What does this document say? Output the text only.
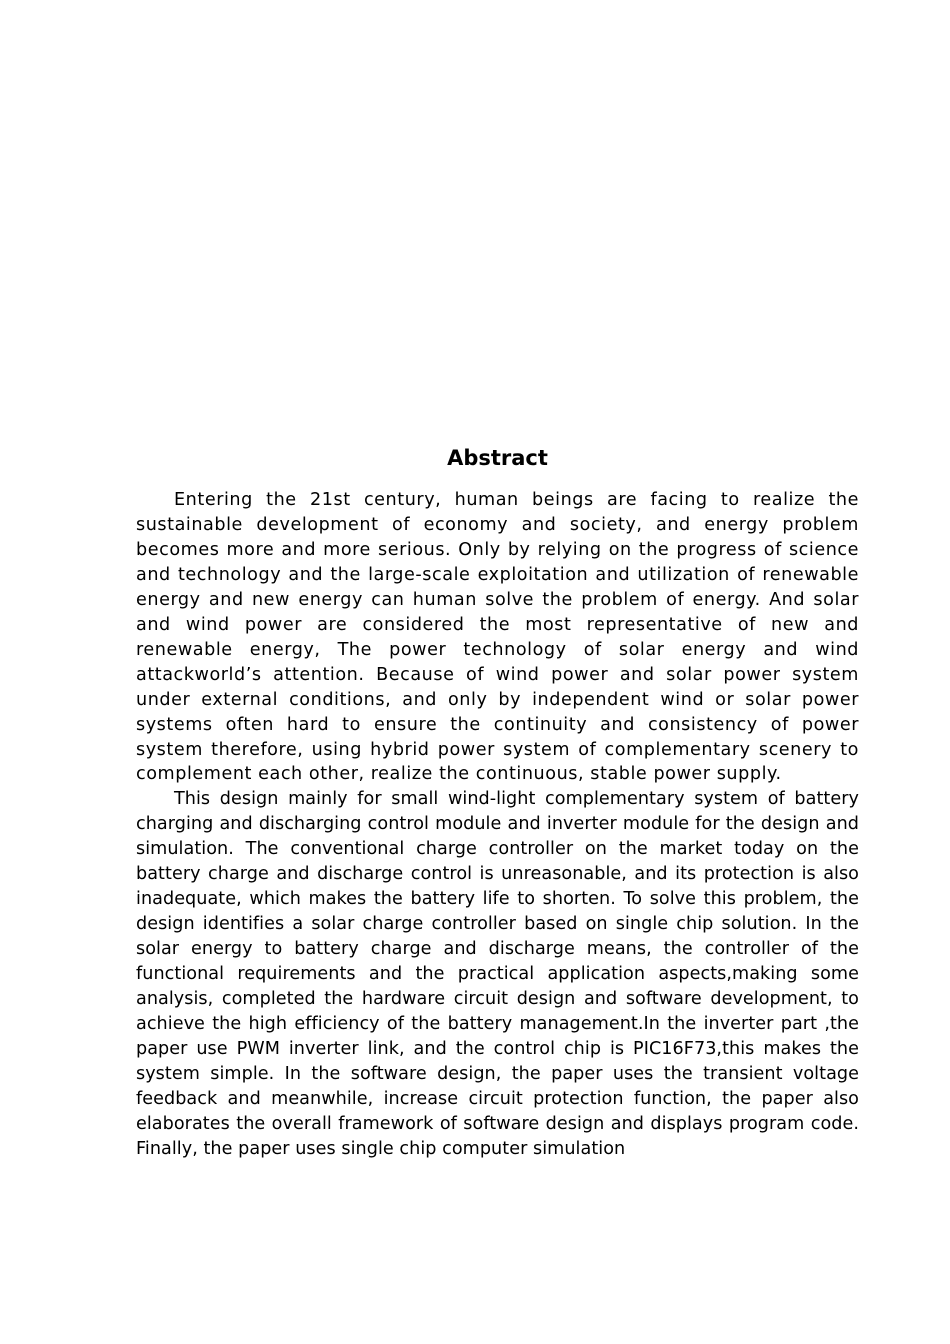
Abstract

Entering the 21st century, human beings are facing to realize the sustainable development of economy and society, and energy problem becomes more and more serious. Only by relying on the progress of science and technology and the large-scale exploitation and utilization of renewable energy and new energy can human solve the problem of energy. And solar and wind power are considered the most representative of new and renewable energy, The power technology of solar energy and wind attackworld’s attention. Because of wind power and solar power system under external conditions, and only by independent wind or solar power systems often hard to ensure the continuity and consistency of power system therefore, using hybrid power system of complementary scenery to complement each other, realize the continuous, stable power supply.

This design mainly for small wind-light complementary system of battery charging and discharging control module and inverter module for the design and simulation. The conventional charge controller on the market today on the battery charge and discharge control is unreasonable, and its protection is also inadequate, which makes the battery life to shorten. To solve this problem, the design identifies a solar charge controller based on single chip solution. In the solar energy to battery charge and discharge means, the controller of the functional requirements and the practical application aspects,making some analysis, completed the hardware circuit design and software development, to achieve the high efficiency of the battery management.In the inverter part ,the paper use PWM inverter link, and the control chip is PIC16F73,this makes the system simple. In the software design, the paper uses the transient voltage feedback and meanwhile, increase circuit protection function, the paper also elaborates the overall framework of software design and displays program code. Finally, the paper uses single chip computer simulation
